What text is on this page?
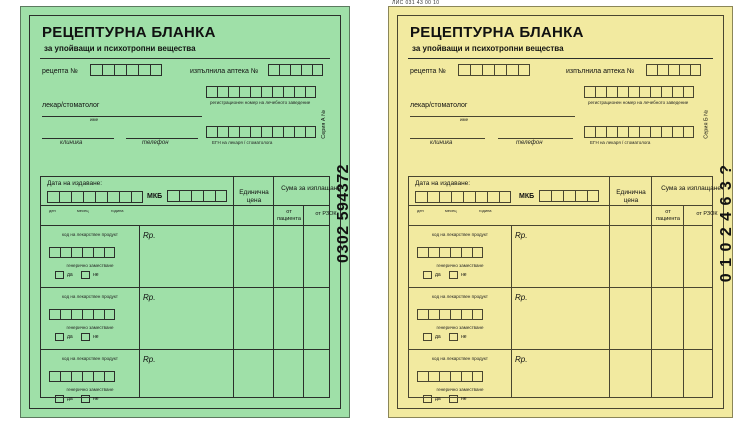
РЕЦЕПТУРНА БЛАНКА
за упойващи и психотропни вещества
Серия А №
0302 594372
рецепта №	изпълнила аптека №
лекар/стоматолог
име
регистрационен номер на лечебното заведение
ЕГН на лекаря / стоматолога
клиника	телефон
Дата на издаване:
ден	месец	година
МКБ
Единична цена
Сума за изплащане
от пациента
от РЗОК
код на лекарствен продукт	Rp.
генерично заместване
да	не
код на лекарствен продукт	Rp.
генерично заместване
да	не
код на лекарствен продукт	Rp.
генерично заместване
да	не
ЛИС 031 43 00 10
РЕЦЕПТУРНА БЛАНКА
за упойващи и психотропни вещества
Серия Б №
0 1 0 2 4 6 3 ?
рецепта №	изпълнила аптека №
лекар/стоматолог
име
регистрационен номер на лечебното заведение
ЕГН на лекаря / стоматолога
клиника	телефон
Дата на издаване:
ден	месец	година
МКБ
Единична цена
Сума за изплащане
от пациента
от РЗОК
код на лекарствен продукт	Rp.
генерично заместване
да	не
код на лекарствен продукт	Rp.
генерично заместване
да	не
код на лекарствен продукт	Rp.
генерично заместване
да	не
